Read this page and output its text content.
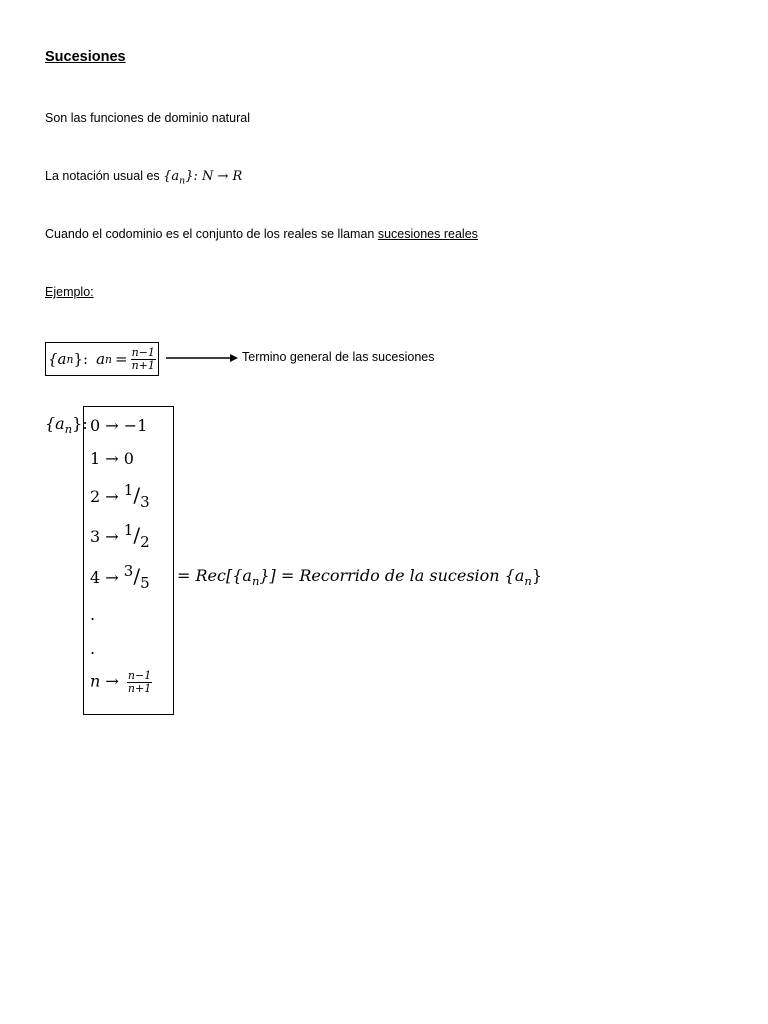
Sucesiones
Son las funciones de dominio natural
La notación usual es $\{a_n\}$: N → R
Cuando el codominio es el conjunto de los reales se llaman sucesiones reales
Ejemplo:
{a n }: a $n = \frac{n-1}{n+1}$	Termino general de las sucesiones
$\{a_n\}$: 0 → −1
1 → 0
$2 \to ^1/_3$
$3 \to ^1/_2$
$4 \to ^3/_5$
.
.
$n \to \frac{n-1}{n+1}$
= $Rec[\{a_n\}]$ = Recorrido de la sucesion $\{a_n\}$
